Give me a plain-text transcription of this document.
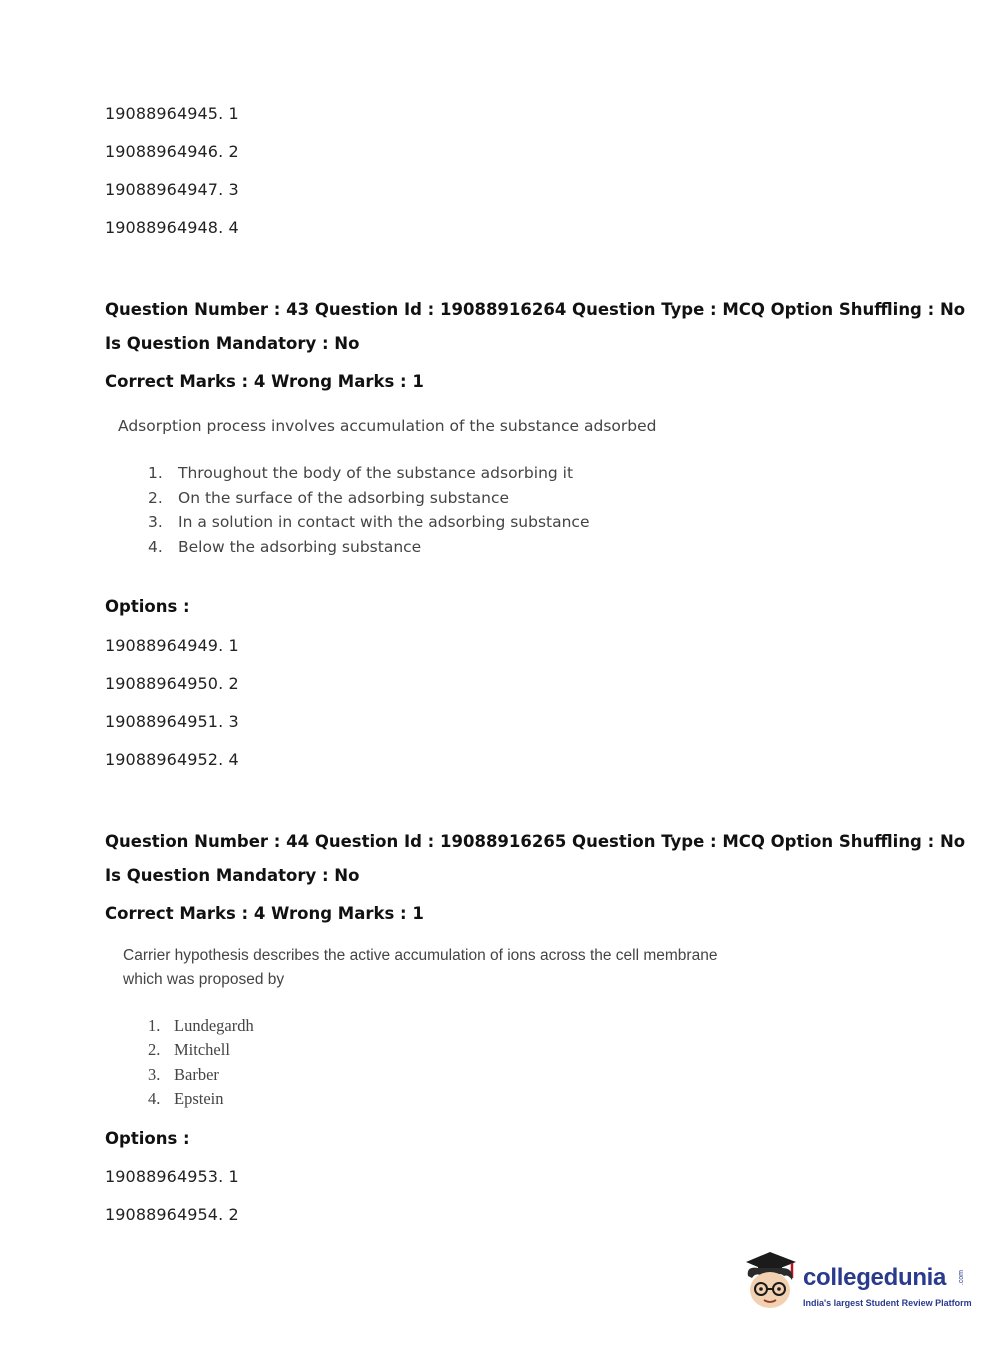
19088964945. 1
19088964946. 2
19088964947. 3
19088964948. 4
Question Number : 43 Question Id : 19088916264 Question Type : MCQ Option Shuffling : No
Is Question Mandatory : No
Correct Marks : 4 Wrong Marks : 1
Adsorption process involves accumulation of the substance adsorbed
1. Throughout the body of the substance adsorbing it
2. On the surface of the adsorbing substance
3. In a solution in contact with the adsorbing substance
4. Below the adsorbing substance
Options :
19088964949. 1
19088964950. 2
19088964951. 3
19088964952. 4
Question Number : 44 Question Id : 19088916265 Question Type : MCQ Option Shuffling : No
Is Question Mandatory : No
Correct Marks : 4 Wrong Marks : 1
Carrier hypothesis describes the active accumulation of ions across the cell membrane
which was proposed by
1. Lundegardh
2. Mitchell
3. Barber
4. Epstein
Options :
19088964953. 1
19088964954. 2
collegedunia .com
India's largest Student Review Platform
